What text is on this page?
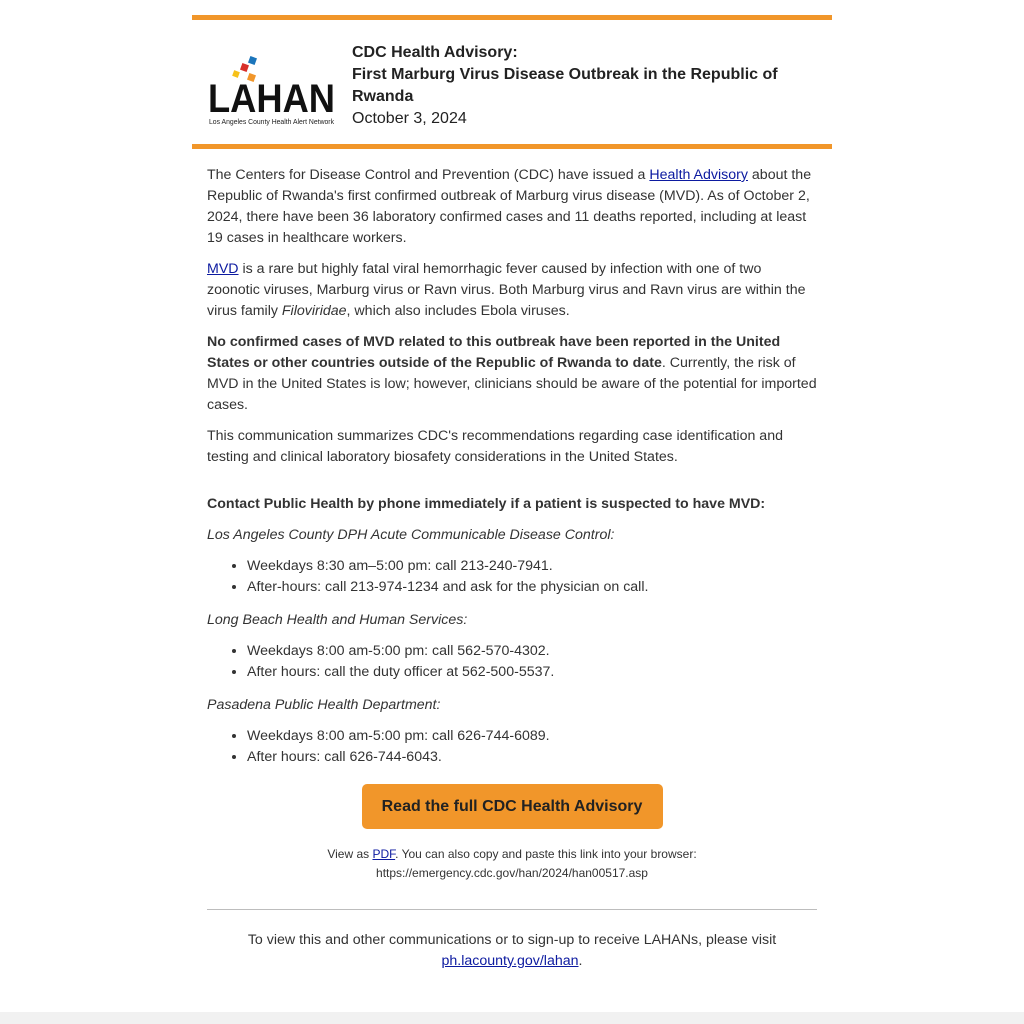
LAHAN
Los Angeles County Health Alert Network
CDC Health Advisory:
First Marburg Virus Disease Outbreak in the Republic of Rwanda
October 3, 2024

The Centers for Disease Control and Prevention (CDC) have issued a Health Advisory about the Republic of Rwanda's first confirmed outbreak of Marburg virus disease (MVD). As of October 2, 2024, there have been 36 laboratory confirmed cases and 11 deaths reported, including at least 19 cases in healthcare workers.

MVD is a rare but highly fatal viral hemorrhagic fever caused by infection with one of two zoonotic viruses, Marburg virus or Ravn virus. Both Marburg virus and Ravn virus are within the virus family Filoviridae, which also includes Ebola viruses.

No confirmed cases of MVD related to this outbreak have been reported in the United States or other countries outside of the Republic of Rwanda to date. Currently, the risk of MVD in the United States is low; however, clinicians should be aware of the potential for imported cases.

This communication summarizes CDC's recommendations regarding case identification and testing and clinical laboratory biosafety considerations in the United States.

Contact Public Health by phone immediately if a patient is suspected to have MVD:

Los Angeles County DPH Acute Communicable Disease Control:

• Weekdays 8:30 am–5:00 pm: call 213-240-7941.
• After-hours: call 213-974-1234 and ask for the physician on call.

Long Beach Health and Human Services:

• Weekdays 8:00 am-5:00 pm: call 562-570-4302.
• After hours: call the duty officer at 562-500-5537.

Pasadena Public Health Department:

• Weekdays 8:00 am-5:00 pm: call 626-744-6089.
• After hours: call 626-744-6043.
Read the full CDC Health Advisory
View as PDF. You can also copy and paste this link into your browser:
https://emergency.cdc.gov/han/2024/han00517.asp
To view this and other communications or to sign-up to receive LAHANs, please visit
ph.lacounty.gov/lahan.
